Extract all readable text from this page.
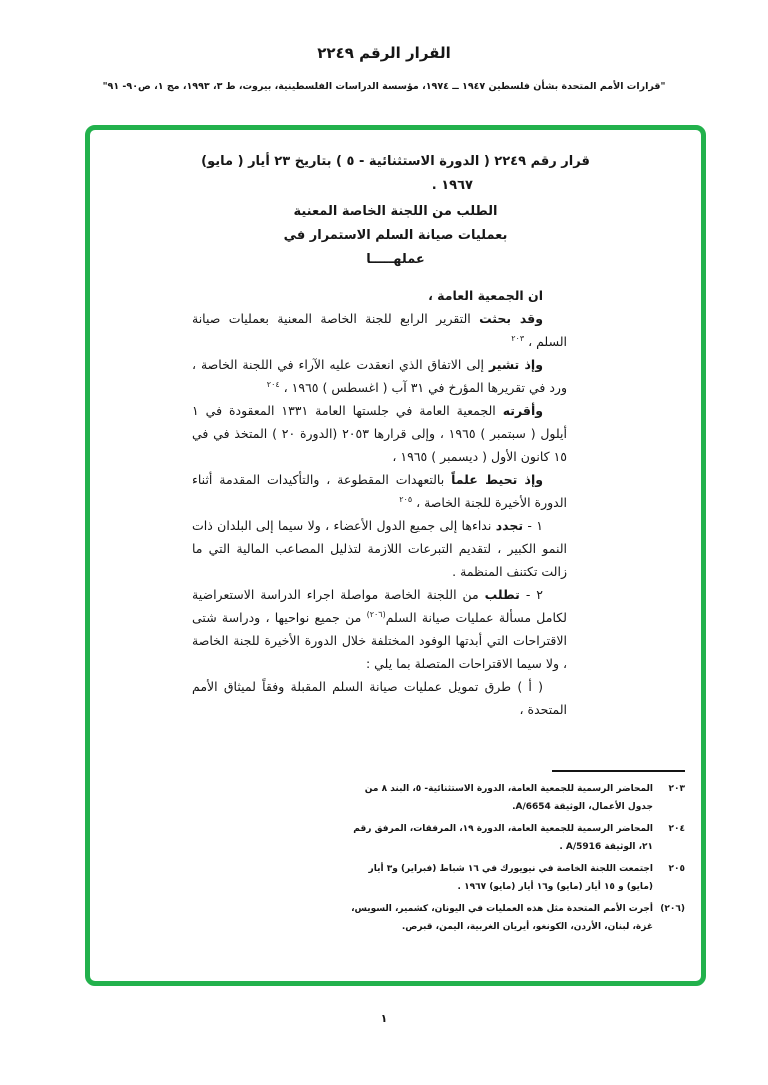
القرار الرقم ٢٢٤٩
"قرارات الأمم المتحدة بشأن فلسطين ١٩٤٧ ــ ١٩٧٤، مؤسسة الدراسات الفلسطينية، بيروت، ط ٣، ١٩٩٣، مج ١، ص٩٠- ٩١"
قرار رقم ٢٢٤٩ ( الدورة الاستثنائية - ٥ ) بتاريخ ٢٣ أيار ( مايو)
١٩٦٧ .
الطلب من اللجنة الخاصة المعنية
بعمليات صيانة السلم الاستمرار في
عملهـــــا

ان الجمعية العامة ،

وقد بحثت التقرير الرابع للجنة الخاصة المعنية بعمليات صيانة السلم ، $^{٢٠٣}$

وإذ تشير إلى الاتفاق الذي انعقدت عليه الآراء في اللجنة الخاصة ، ورد في تقريرها المؤرخ في ٣١ آب ( اغسطس ) ١٩٦٥ ، $^{٢٠٤}$

وأقرته الجمعية العامة في جلستها العامة ١٣٣١ المعقودة في ١ أيلول ( سبتمبر ) ١٩٦٥ ، وإلى قرارها ٢٠٥٣ (الدورة ٢٠ ) المتخذ في في ١٥ كانون الأول ( ديسمبر ) ١٩٦٥ ،

وإذ تحيط علماً بالتعهدات المقطوعة ، والتأكيدات المقدمة أثناء الدورة الأخيرة للجنة الخاصة ، $^{٢٠٥}$

١ - تجدد نداءها إلى جميع الدول الأعضاء ، ولا سيما إلى البلدان ذات النمو الكبير ، لتقديم التبرعات اللازمة لتذليل المصاعب المالية التي ما زالت تكتنف المنظمة .

٢ - تطلب من اللجنة الخاصة مواصلة اجراء الدراسة الاستعراضية لكامل مسألة عمليات صيانة السلم$^{(٢٠٦)}$ من جميع نواحيها ، ودراسة شتى الاقتراحات التي أبدتها الوفود المختلفة خلال الدورة الأخيرة للجنة الخاصة ، ولا سيما الاقتراحات المتصلة بما يلي :

( أ ) طرق تمويل عمليات صيانة السلم المقبلة وفقاً لميثاق الأمم المتحدة ،

٢٠٣المحاضر الرسمية للجمعية العامة، الدورة الاستثنائية- ٥، البند ٨ من جدول الأعمال، الوثيقة A/6654.
٢٠٤المحاضر الرسمية للجمعية العامة، الدورة ١٩، المرفقات، المرفق رقم ٢١، الوثيقة A/5916 .
٢٠٥اجتمعت اللجنة الخاصة في نيويورك في ١٦ شباط (فبراير) و٣ أيار (مايو) و ١٥ أيار (مايو) و١٦ أيار (مايو) ١٩٦٧ .
(٢٠٦)أجرت الأمم المتحدة مثل هذه العمليات في اليونان، كشمير، السويس، غزة، لبنان، الأردن، الكونغو، أيريان الغربية، اليمن، قبرص.
١
